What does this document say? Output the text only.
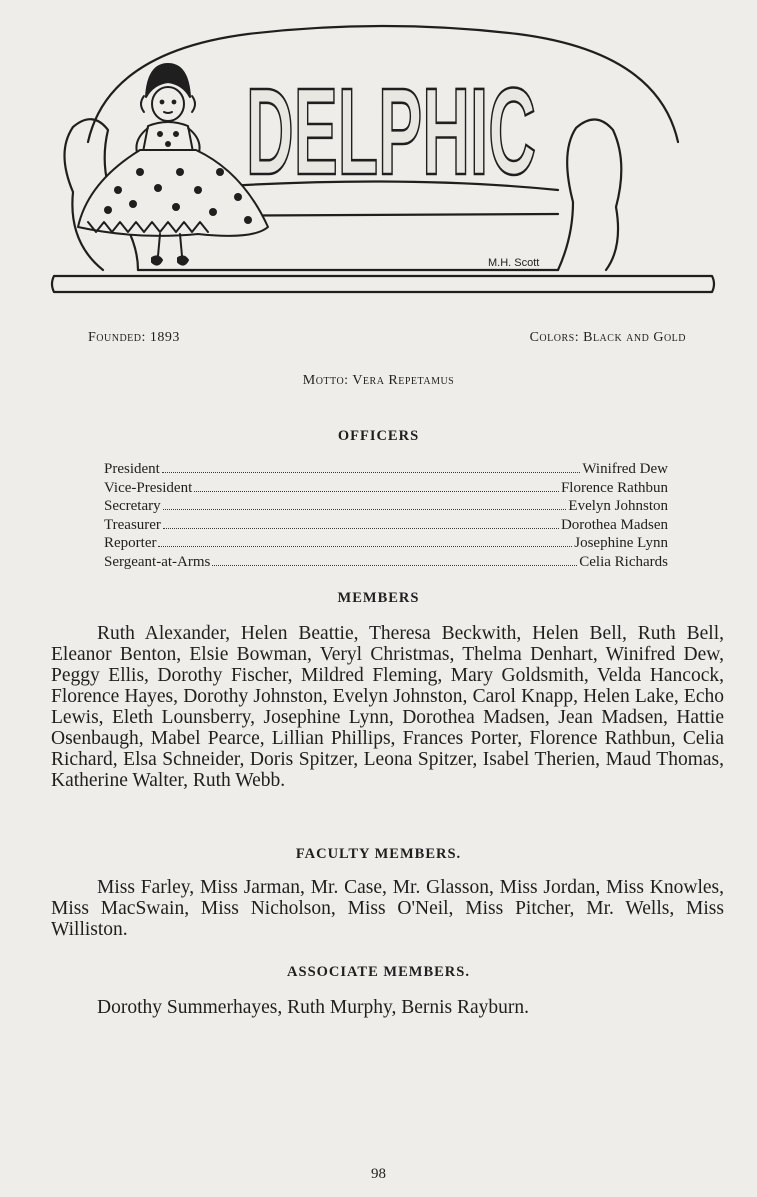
DELPHIC
M.H. Scott
Founded: 1893	Colors: Black and Gold
Motto: Vera Repetamus
OFFICERS
President	Winifred Dew
Vice-President	Florence Rathbun
Secretary	Evelyn Johnston
Treasurer	Dorothea Madsen
Reporter	Josephine Lynn
Sergeant-at-Arms	Celia Richards
MEMBERS
Ruth Alexander, Helen Beattie, Theresa Beckwith, Helen Bell, Ruth Bell, Eleanor Benton, Elsie Bowman, Veryl Christmas, Thelma Denhart, Winifred Dew, Peggy Ellis, Dorothy Fischer, Mildred Fleming, Mary Goldsmith, Velda Hancock, Florence Hayes, Dorothy Johnston, Evelyn Johnston, Carol Knapp, Helen Lake, Echo Lewis, Eleth Lounsberry, Josephine Lynn, Dorothea Madsen, Jean Madsen, Hattie Osenbaugh, Mabel Pearce, Lillian Phillips, Frances Porter, Florence Rathbun, Celia Richard, Elsa Schneider, Doris Spitzer, Leona Spitzer, Isabel Therien, Maud Thomas, Katherine Walter, Ruth Webb.
FACULTY MEMBERS.
Miss Farley, Miss Jarman, Mr. Case, Mr. Glasson, Miss Jordan, Miss Knowles, Miss MacSwain, Miss Nicholson, Miss O'Neil, Miss Pitcher, Mr. Wells, Miss Williston.
ASSOCIATE MEMBERS.
Dorothy Summerhayes, Ruth Murphy, Bernis Rayburn.
98
